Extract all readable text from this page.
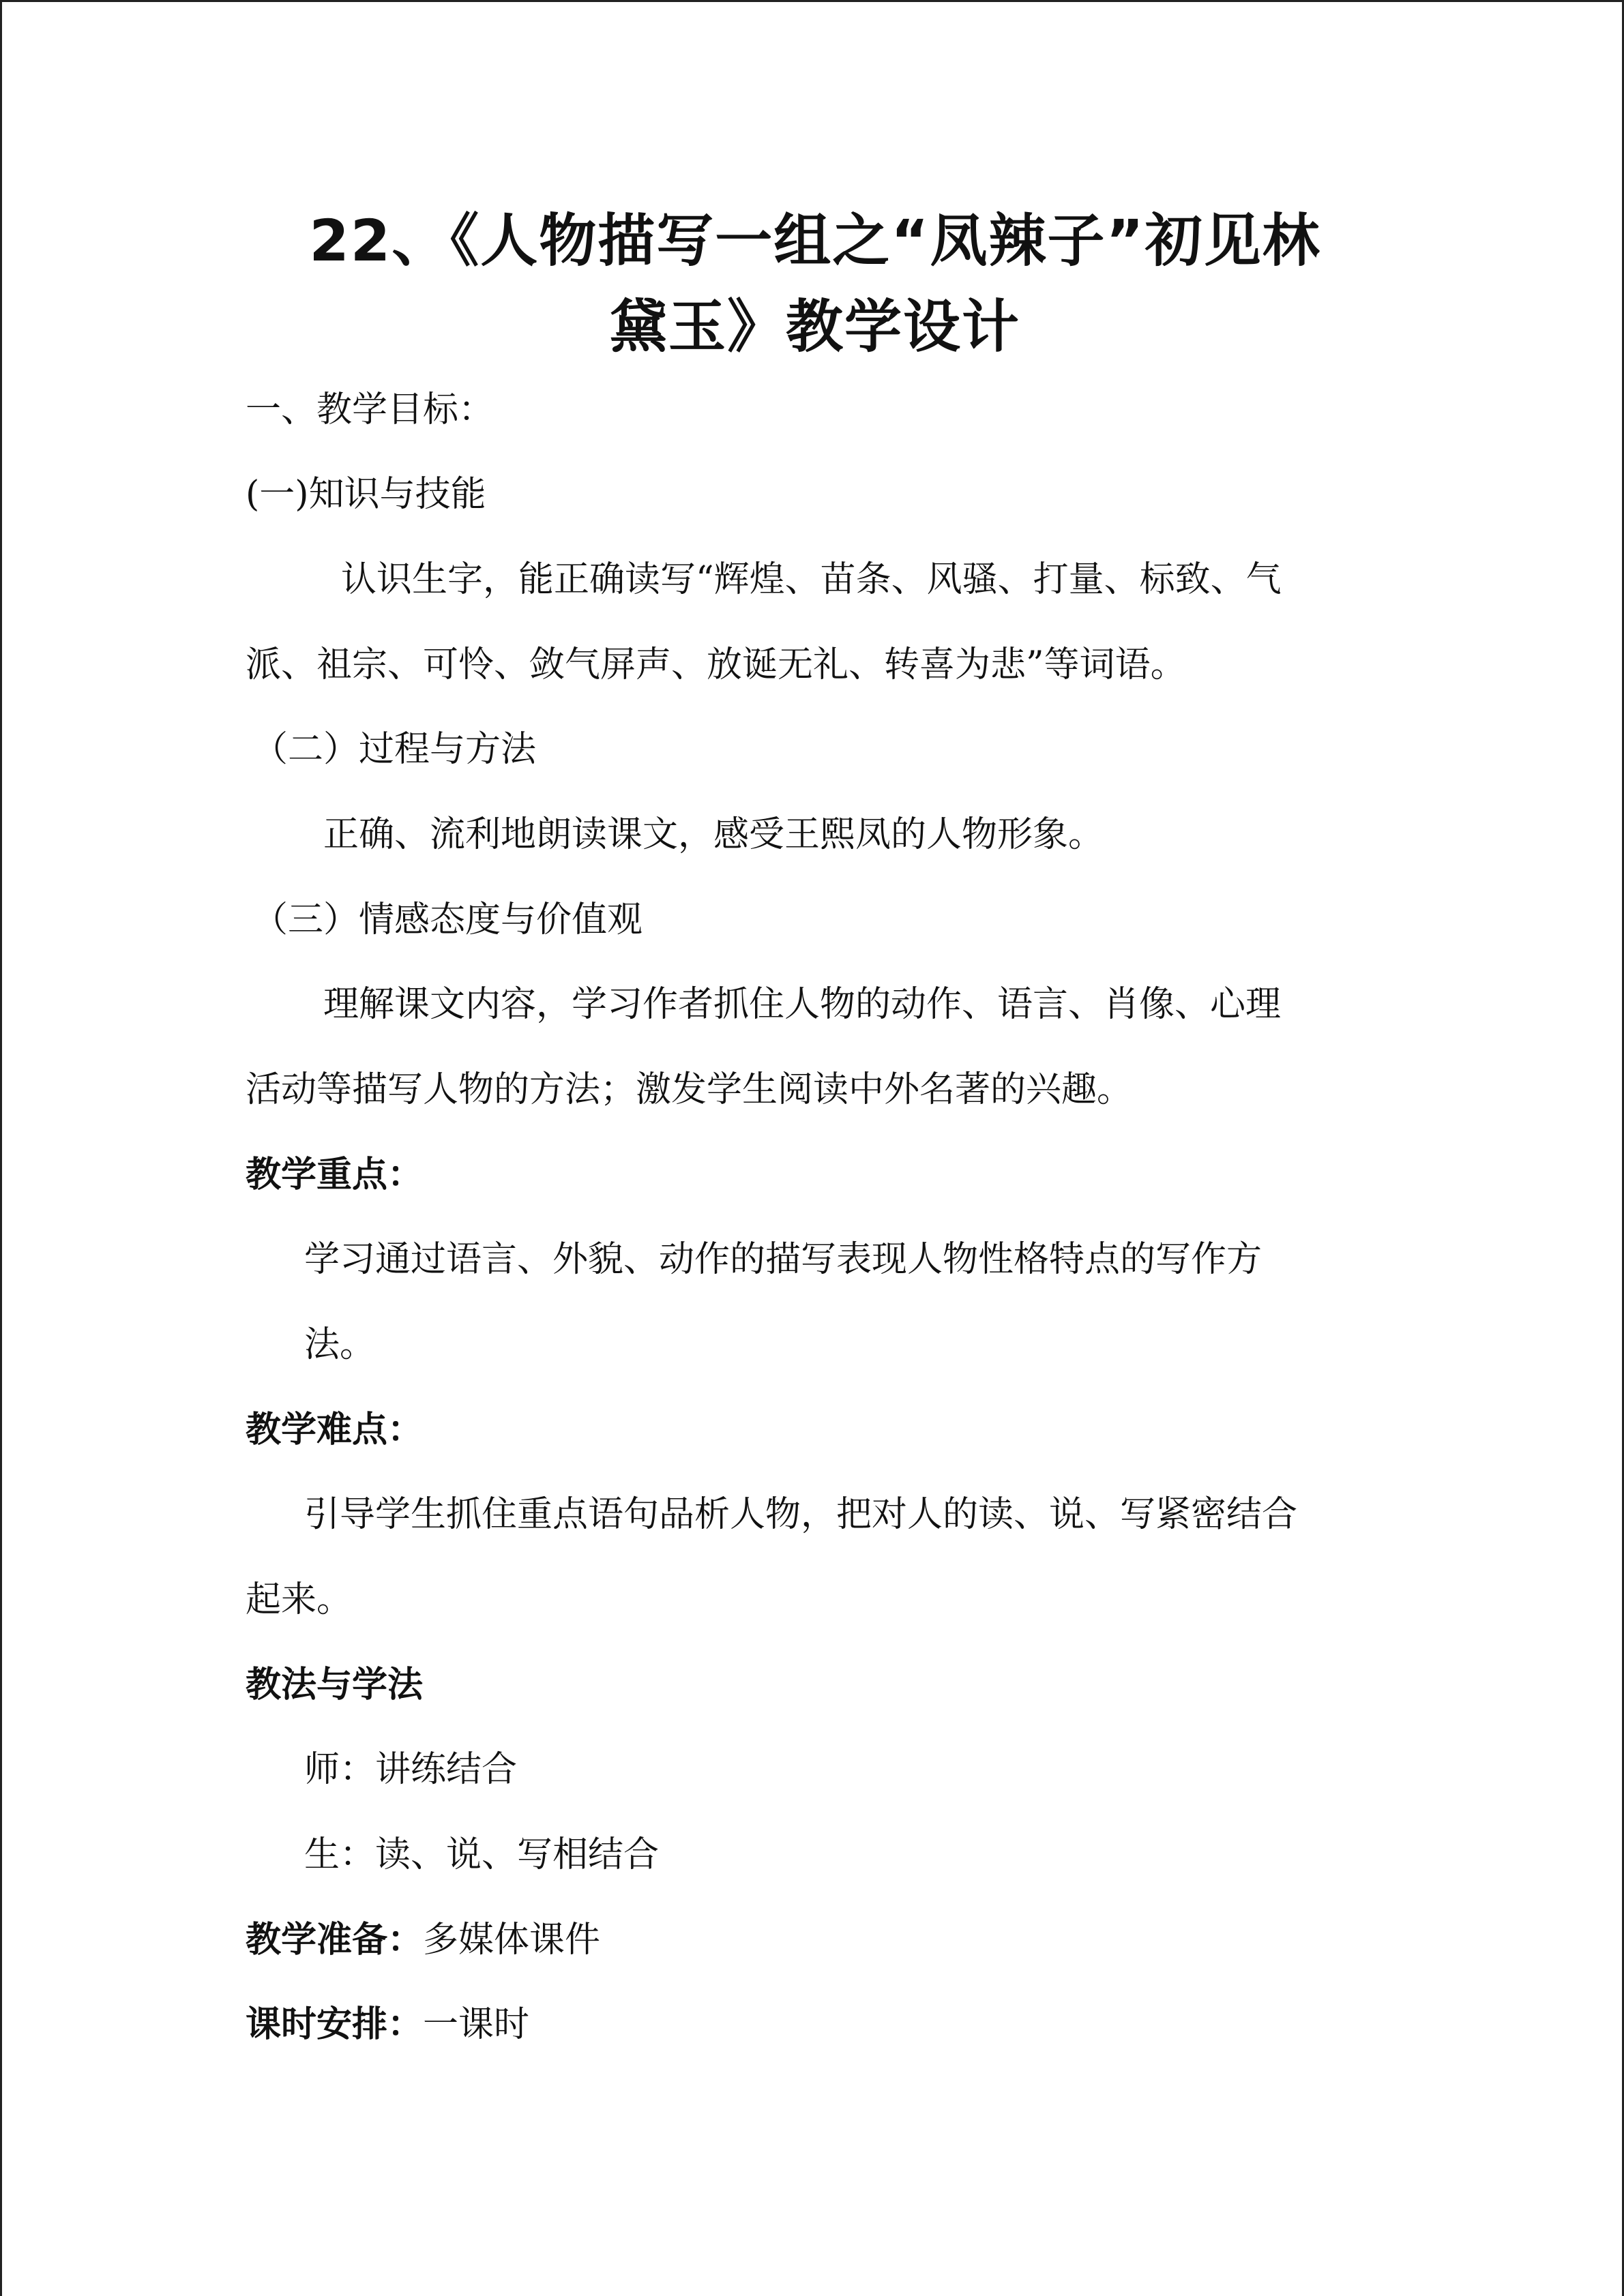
22、《人物描写一组之“凤辣子”初见林
黛玉》教学设计
一、教学目标：
(一)知识与技能
认识生字，能正确读写“辉煌、苗条、风骚、打量、标致、气
派、祖宗、可怜、敛气屏声、放诞无礼、转喜为悲”等词语。
（二）过程与方法
正确、流利地朗读课文，感受王熙凤的人物形象。
（三）情感态度与价值观
理解课文内容，学习作者抓住人物的动作、语言、肖像、心理
活动等描写人物的方法；激发学生阅读中外名著的兴趣。
教学重点：
学习通过语言、外貌、动作的描写表现人物性格特点的写作方
法。
教学难点：
引导学生抓住重点语句品析人物，把对人的读、说、写紧密结合
起来。
教法与学法
师：讲练结合
生：读、说、写相结合
教学准备：多媒体课件
课时安排：一课时
